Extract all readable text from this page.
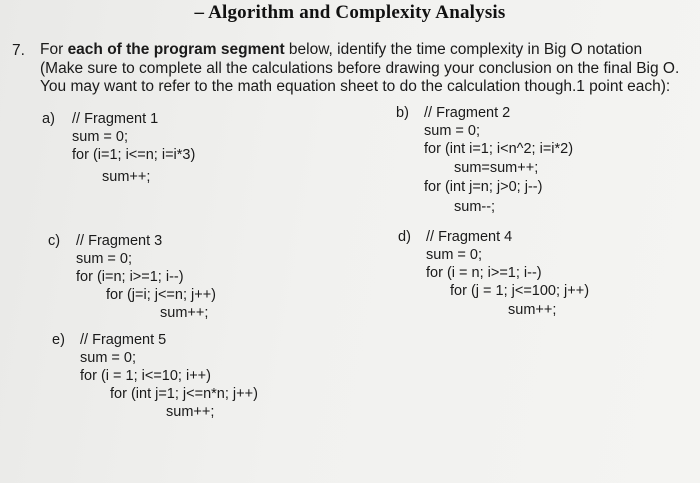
– Algorithm and Complexity Analysis
7. For each of the program segment below, identify the time complexity in Big O notation
(Make sure to complete all the calculations before drawing your conclusion on the final Big O.
You may want to refer to the math equation sheet to do the calculation though.1 point each):
a) // Fragment 1
sum = 0;
for (i=1; i<=n; i=i*3)
sum++;
b) // Fragment 2
sum = 0;
for (int i=1; i<n^2; i=i*2)
sum=sum++;
for (int j=n; j>0; j--)
sum--;
c) // Fragment 3
sum = 0;
for (i=n; i>=1; i--)
for (j=i; j<=n; j++)
sum++;
d) // Fragment 4
sum = 0;
for (i = n; i>=1; i--)
for (j = 1; j<=100; j++)
sum++;
e) // Fragment 5
sum = 0;
for (i = 1; i<=10; i++)
for (int j=1; j<=n*n; j++)
sum++;
